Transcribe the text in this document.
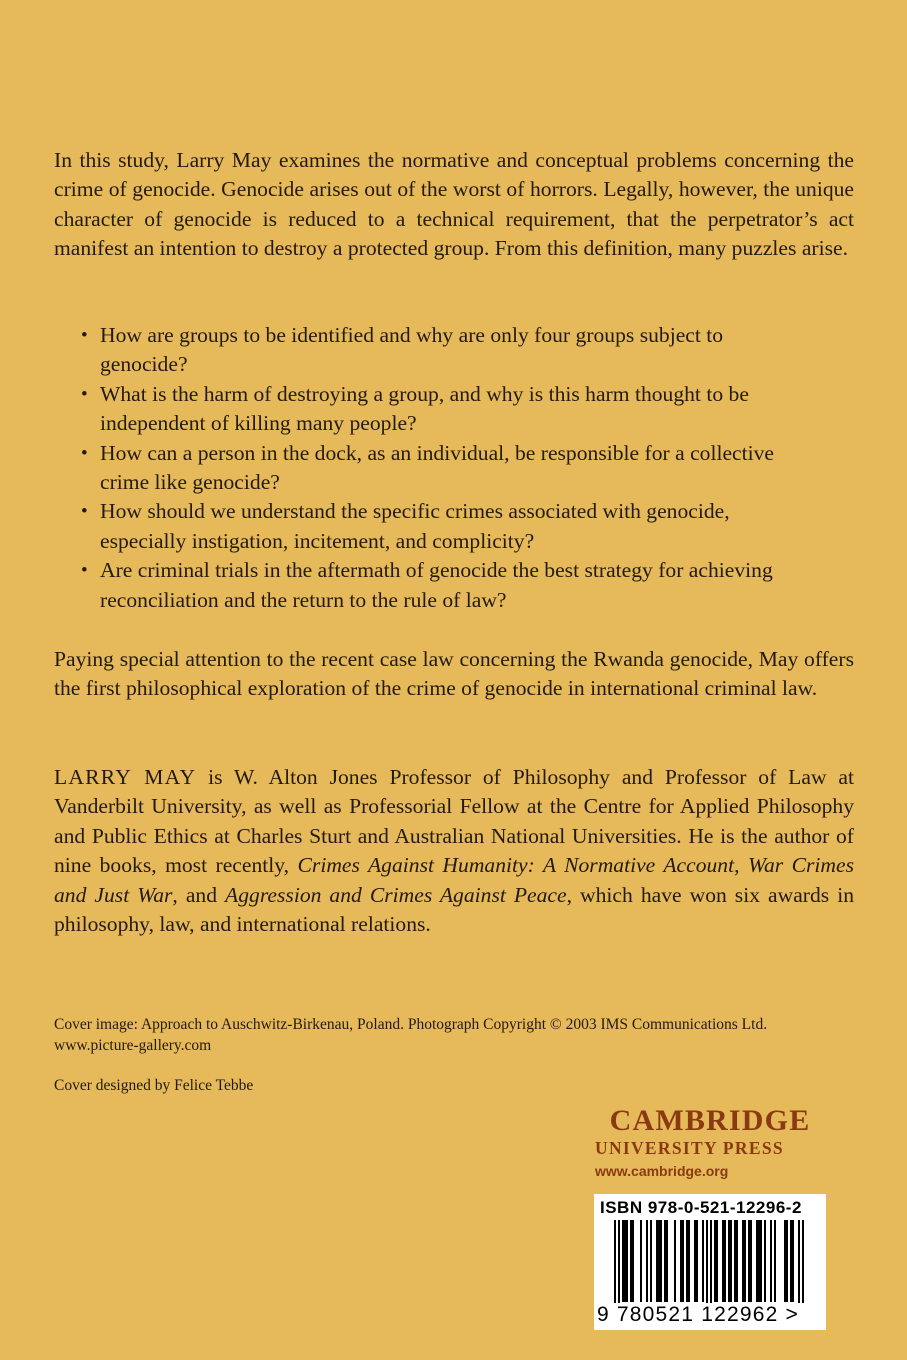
In this study, Larry May examines the normative and conceptual problems concerning the crime of genocide. Genocide arises out of the worst of horrors. Legally, however, the unique character of genocide is reduced to a technical requirement, that the perpetrator’s act manifest an intention to destroy a protected group. From this definition, many puzzles arise.

• How are groups to be identified and why are only four groups subject to genocide?
• What is the harm of destroying a group, and why is this harm thought to be independent of killing many people?
• How can a person in the dock, as an individual, be responsible for a collective crime like genocide?
• How should we understand the specific crimes associated with genocide, especially instigation, incitement, and complicity?
• Are criminal trials in the aftermath of genocide the best strategy for achieving reconciliation and the return to the rule of law?

Paying special attention to the recent case law concerning the Rwanda genocide, May offers the first philosophical exploration of the crime of genocide in international criminal law.

LARRY MAY is W. Alton Jones Professor of Philosophy and Professor of Law at Vanderbilt University, as well as Professorial Fellow at the Centre for Applied Philosophy and Public Ethics at Charles Sturt and Australian National Universities. He is the author of nine books, most recently, Crimes Against Humanity: A Normative Account, War Crimes and Just War, and Aggression and Crimes Against Peace, which have won six awards in philosophy, law, and international relations.

Cover image: Approach to Auschwitz-Birkenau, Poland. Photograph Copyright © 2003 IMS Communications Ltd.
www.picture-gallery.com
Cover designed by Felice Tebbe
CAMBRIDGE
UNIVERSITY PRESS
www.cambridge.org
ISBN 978-0-521-12296-2
9 780521 122962 >
